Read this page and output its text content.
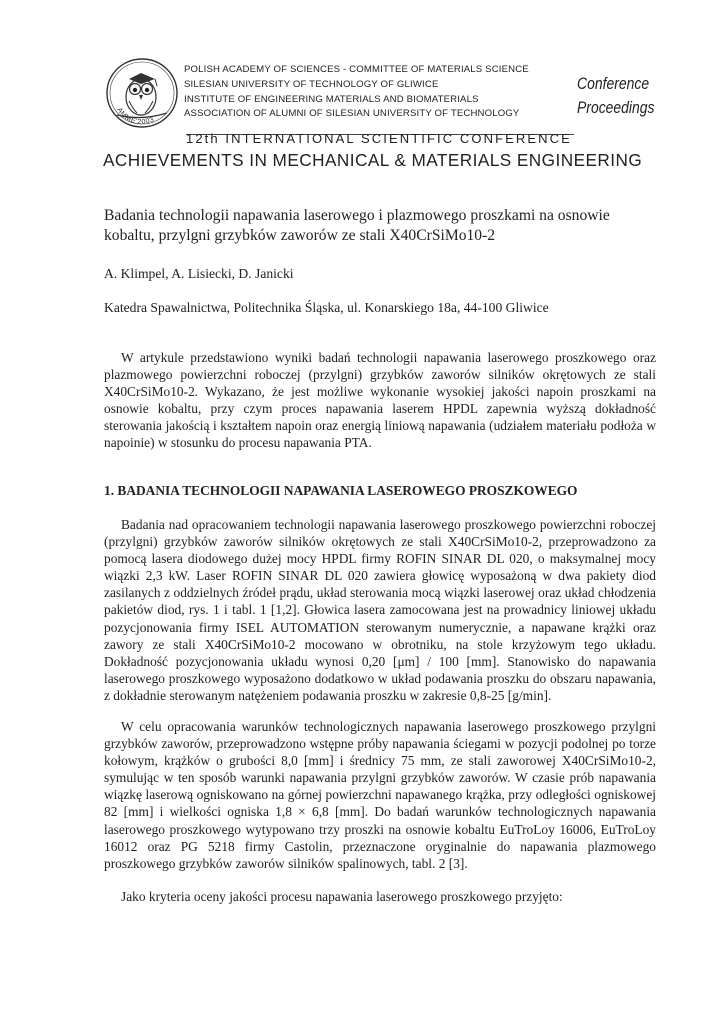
AMME'2003
POLISH ACADEMY OF SCIENCES - COMMITTEE OF MATERIALS SCIENCE
SILESIAN UNIVERSITY OF TECHNOLOGY OF GLIWICE
INSTITUTE OF ENGINEERING MATERIALS AND BIOMATERIALS
ASSOCIATION OF ALUMNI OF SILESIAN UNIVERSITY OF TECHNOLOGY
Conference
Proceedings
12th INTERNATIONAL SCIENTIFIC CONFERENCE
ACHIEVEMENTS IN MECHANICAL & MATERIALS ENGINEERING
Badania technologii napawania laserowego i plazmowego proszkami na osnowie kobaltu, przylgni grzybków zaworów ze stali X40CrSiMo10-2
A. Klimpel, A. Lisiecki, D. Janicki
Katedra Spawalnictwa, Politechnika Śląska, ul. Konarskiego 18a, 44-100 Gliwice

W artykule przedstawiono wyniki badań technologii napawania laserowego proszkowego oraz plazmowego powierzchni roboczej (przylgni) grzybków zaworów silników okrętowych ze stali X40CrSiMo10-2. Wykazano, że jest możliwe wykonanie wysokiej jakości napoin proszkami na osnowie kobaltu, przy czym proces napawania laserem HPDL zapewnia wyższą dokładność sterowania jakością i kształtem napoin oraz energią liniową napawania (udziałem materiału podłoża w napoinie) w stosunku do procesu napawania PTA.

1. BADANIA TECHNOLOGII NAPAWANIA LASEROWEGO PROSZKOWEGO

Badania nad opracowaniem technologii napawania laserowego proszkowego powierzchni roboczej (przylgni) grzybków zaworów silników okrętowych ze stali X40CrSiMo10-2, przeprowadzono za pomocą lasera diodowego dużej mocy HPDL firmy ROFIN SINAR DL 020, o maksymalnej mocy wiązki 2,3 kW. Laser ROFIN SINAR DL 020 zawiera głowicę wyposażoną w dwa pakiety diod zasilanych z oddzielnych źródeł prądu, układ sterowania mocą wiązki laserowej oraz układ chłodzenia pakietów diod, rys. 1 i tabl. 1 [1,2]. Głowica lasera zamocowana jest na prowadnicy liniowej układu pozycjonowania firmy ISEL AUTOMATION sterowanym numerycznie, a napawane krążki oraz zawory ze stali X40CrSiMo10-2 mocowano w obrotniku, na stole krzyżowym tego układu. Dokładność pozycjonowania układu wynosi 0,20 [μm] / 100 [mm]. Stanowisko do napawania laserowego proszkowego wyposażono dodatkowo w układ podawania proszku do obszaru napawania, z dokładnie sterowanym natężeniem podawania proszku w zakresie 0,8-25 [g/min].

W celu opracowania warunków technologicznych napawania laserowego proszkowego przylgni grzybków zaworów, przeprowadzono wstępne próby napawania ściegami w pozycji podolnej po torze kołowym, krążków o grubości 8,0 [mm] i średnicy 75 mm, ze stali zaworowej X40CrSiMo10-2, symulując w ten sposób warunki napawania przylgni grzybków zaworów. W czasie prób napawania wiązkę laserową ogniskowano na górnej powierzchni napawanego krążka, przy odległości ogniskowej 82 [mm] i wielkości ogniska 1,8 × 6,8 [mm]. Do badań warunków technologicznych napawania laserowego proszkowego wytypowano trzy proszki na osnowie kobaltu EuTroLoy 16006, EuTroLoy 16012 oraz PG 5218 firmy Castolin, przeznaczone oryginalnie do napawania plazmowego proszkowego grzybków zaworów silników spalinowych, tabl. 2 [3].

Jako kryteria oceny jakości procesu napawania laserowego proszkowego przyjęto:
